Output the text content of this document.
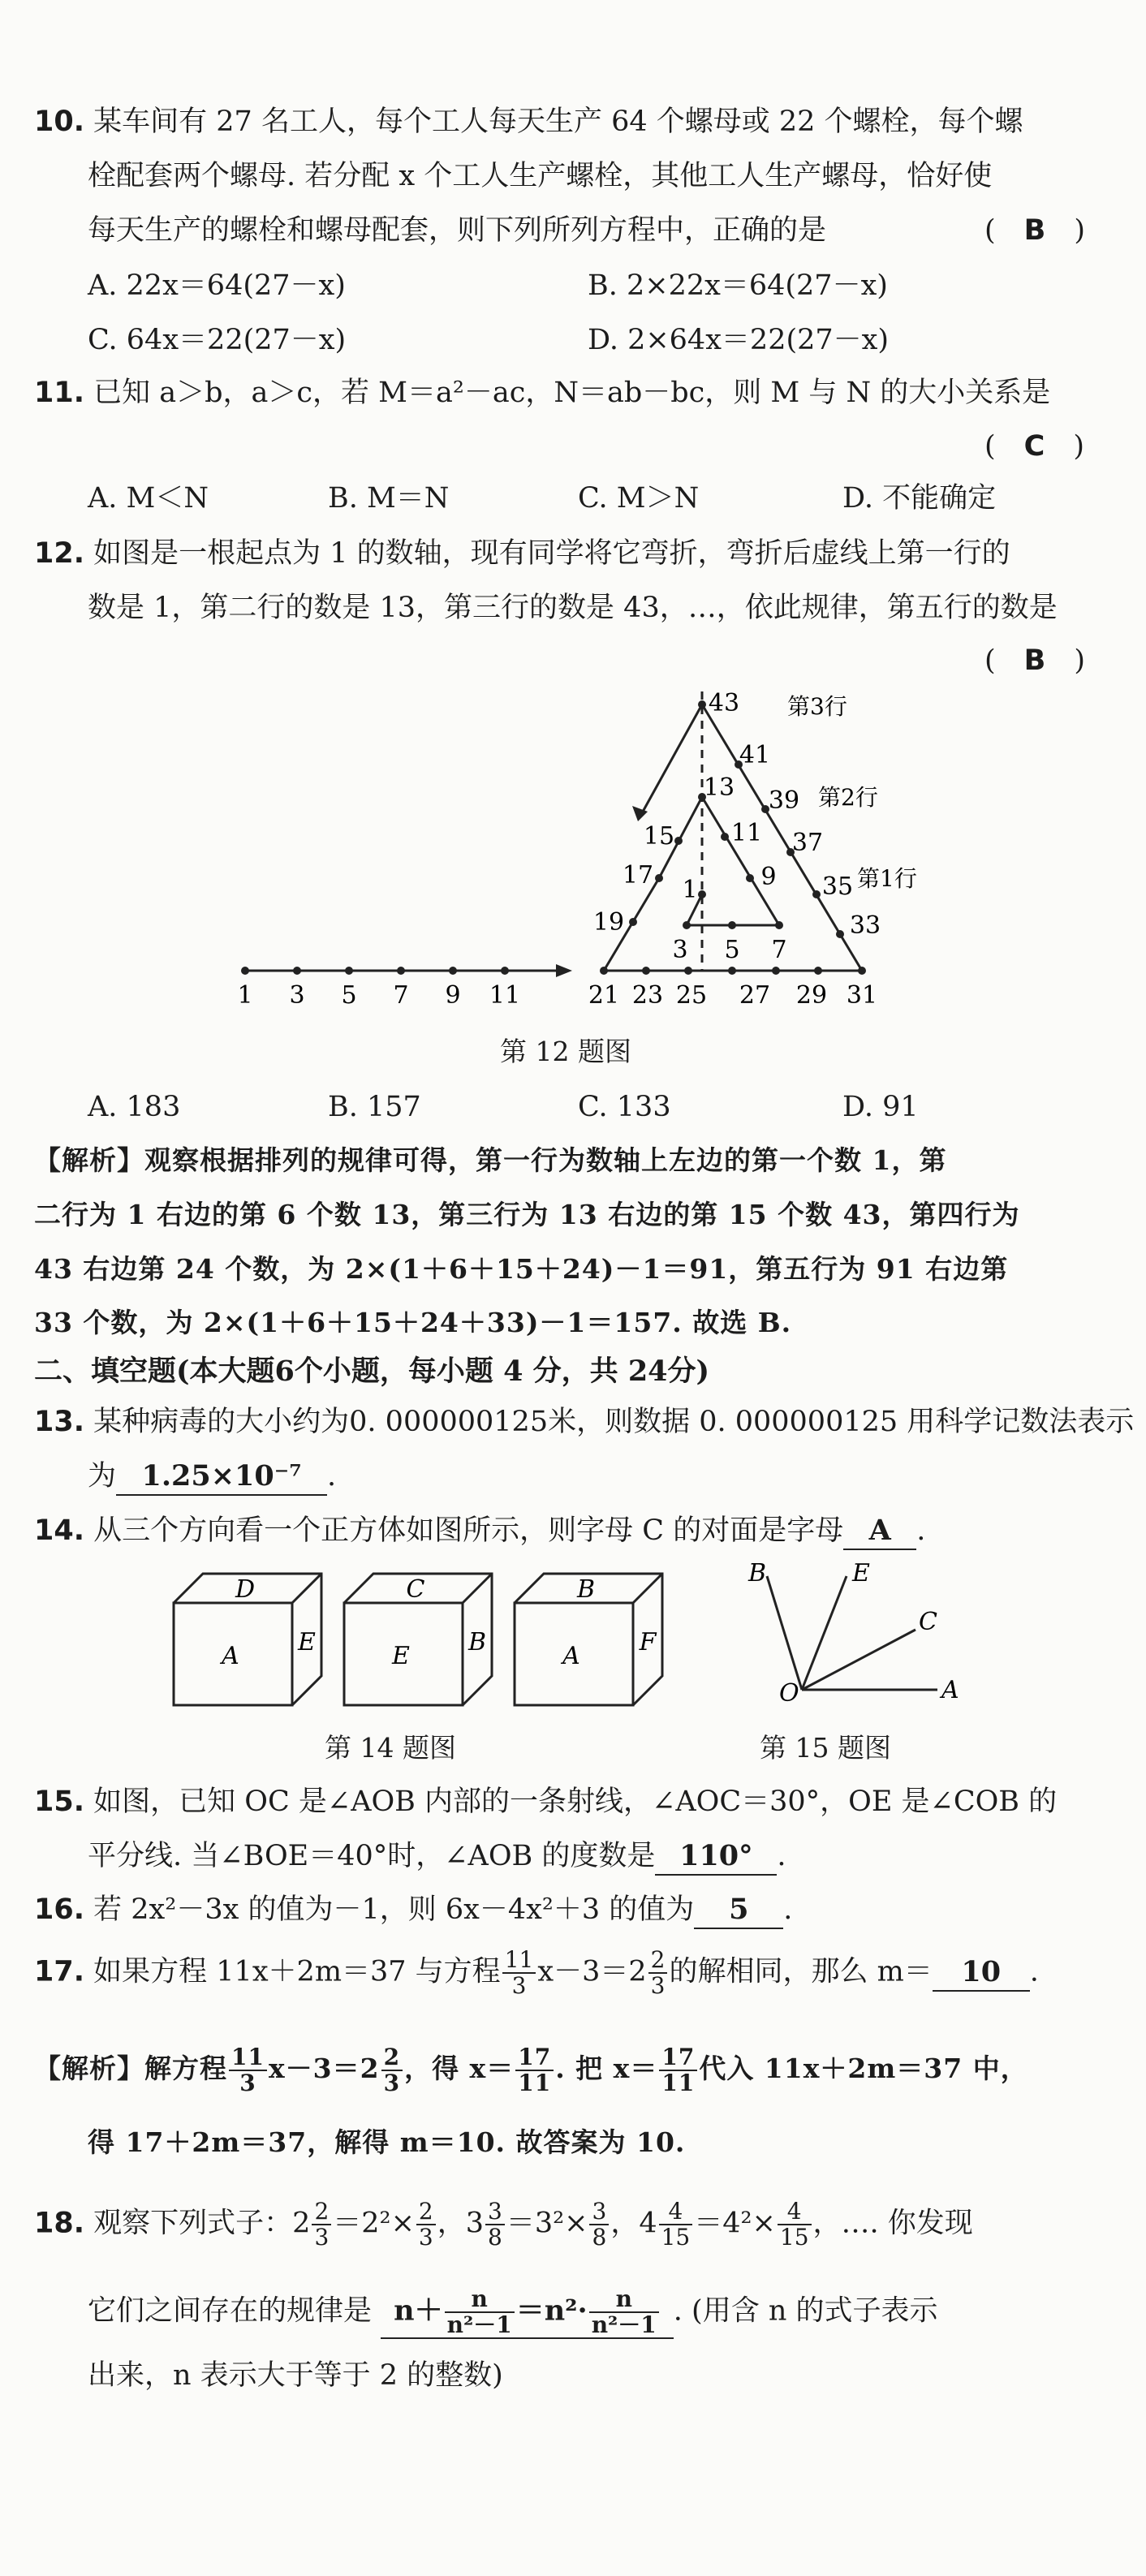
10. 某车间有 27 名工人，每个工人每天生产 64 个螺母或 22 个螺栓，每个螺
栓配套两个螺母. 若分配 x 个工人生产螺栓，其他工人生产螺母，恰好使
每天生产的螺栓和螺母配套，则下列所列方程中，正确的是	(　B　)
A. 22x＝64(27－x)	B. 2×22x＝64(27－x)
C. 64x＝22(27－x)	D. 2×64x＝22(27－x)
11. 已知 a＞b，a＞c，若 M＝a²－ac，N＝ab－bc，则 M 与 N 的大小关系是
(　C　)
A. M＜N	B. M＝N	C. M＞N	D. 不能确定
12. 如图是一根起点为 1 的数轴，现有同学将它弯折，弯折后虚线上第一行的
数是 1，第二行的数是 13，第三行的数是 43，…，依此规律，第五行的数是
(　B　)
1 3 5 7 9 11	21 23 25 27 29 31
3 5 7
1	9
17
19
15
13
11
33
35
37
39
41
43 第3行
第2行
第1行
第 12 题图
A. 183	B. 157	C. 133	D. 91
【解析】观察根据排列的规律可得，第一行为数轴上左边的第一个数 1，第
二行为 1 右边的第 6 个数 13，第三行为 13 右边的第 15 个数 43，第四行为
43 右边第 24 个数，为 2×(1＋6＋15＋24)－1＝91，第五行为 91 右边第
33 个数，为 2×(1＋6＋15＋24＋33)－1＝157. 故选 B.
二、填空题(本大题6个小题，每小题 4 分，共 24分)
13. 某种病毒的大小约为0. 000000125米，则数据 0. 000000125 用科学记数法表示
为 1.25×10⁻⁷ .
14. 从三个方向看一个正方体如图所示，则字母 C 的对面是字母 A .
D
A E
C
E B
B
A F
第 14 题图
B	E
C
A
O
第 15 题图
15. 如图，已知 OC 是∠AOB 内部的一条射线，∠AOC＝30°，OE 是∠COB 的
平分线. 当∠BOE＝40°时，∠AOB 的度数是 110° .
16. 若 2x²－3x 的值为－1，则 6x－4x²＋3 的值为 5 .
17. 如果方程 11x＋2m＝37 与方程 $\frac{11}{3} x-3=2 \frac{2}{3}$ 的解相同，那么 m＝ 10 .
【解析】解方程 $\frac{11}{3} x-3=2 \frac{2}{3}$ ，得 $x= \frac{17}{11}$ . 把 $x= \frac{17}{11}$ 代入 11x＋2m＝37 中，
得 17＋2m＝37，解得 m＝10. 故答案为 10.
18. 观察下列式子：$2 \frac{2}{3} =2^2\times \frac{2}{3}$ ，$3 \frac{3}{8} =3^2\times \frac{3}{8}$ ，$4 \frac{4}{15} =4^2\times \frac{4}{15}$ ，…. 你发现
它们之间存在的规律是 $n+ \frac{n}{\text{n²－1}} =n^2\cdot \frac{n}{\text{n²－1}}$ . (用含 n 的式子表示
出来，n 表示大于等于 2 的整数)
